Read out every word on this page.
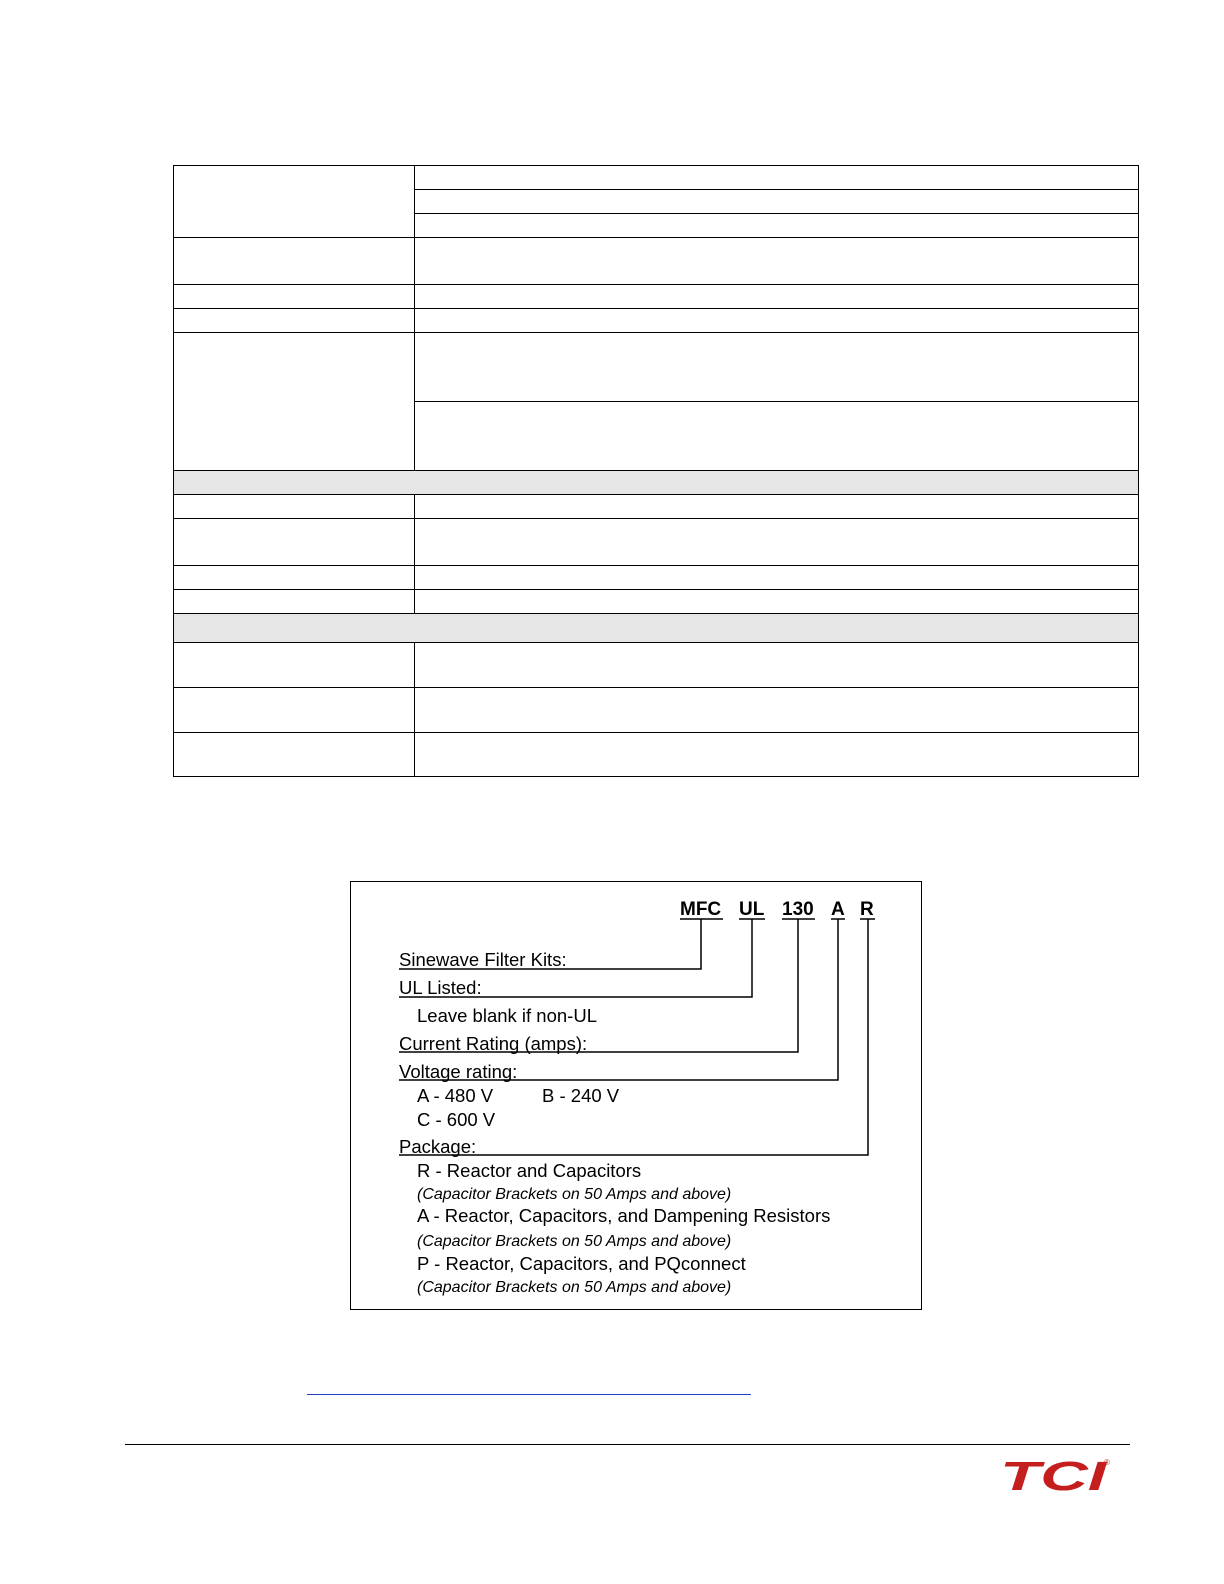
MFC UL 130 A R
Sinewave Filter Kits:
UL Listed:
Leave blank if non-UL
Current Rating (amps):
Voltage rating:
A - 480 V	B - 240 V
C - 600 V
Package:
R - Reactor and Capacitors
(Capacitor Brackets on 50 Amps and above)
A - Reactor, Capacitors, and Dampening Resistors
(Capacitor Brackets on 50 Amps and above)
P - Reactor, Capacitors, and PQconnect
(Capacitor Brackets on 50 Amps and above)
TCI
®
